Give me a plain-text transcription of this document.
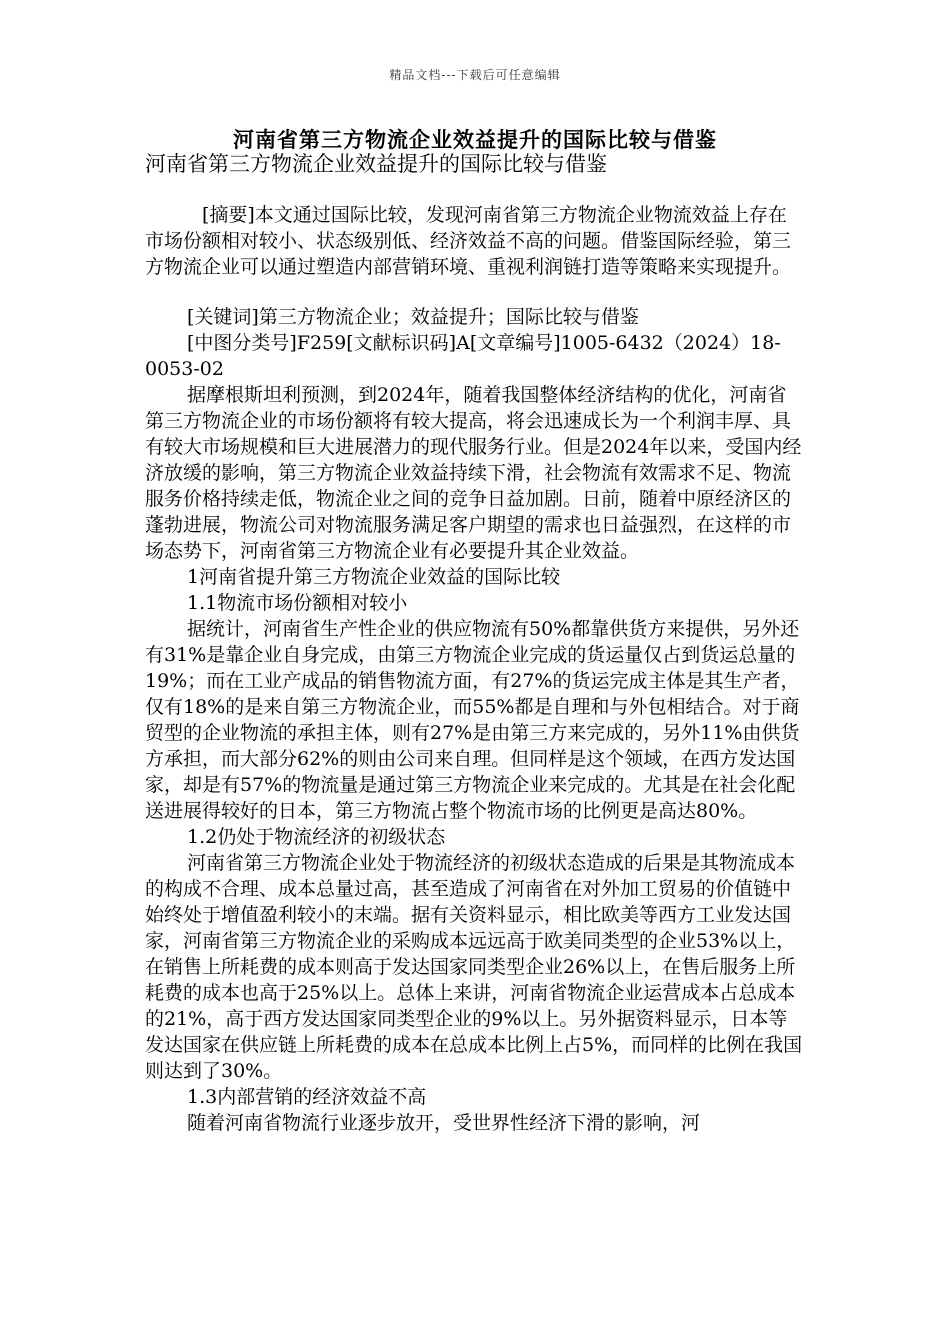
精品文档---下载后可任意编辑
河南省第三方物流企业效益提升的国际比较与借鉴

河南省第三方物流企业效益提升的国际比较与借鉴

[摘要]本文通过国际比较，发现河南省第三方物流企业物流效益上存在市场份额相对较小、状态级别低、经济效益不高的问题。借鉴国际经验，第三方物流企业可以通过塑造内部营销环境、重视利润链打造等策略来实现提升。

[关键词]第三方物流企业；效益提升；国际比较与借鉴

[中图分类号]F259[文献标识码]A[文章编号]1005-6432（2024）18-0053-02

据摩根斯坦利预测，到2024年，随着我国整体经济结构的优化，河南省第三方物流企业的市场份额将有较大提高，将会迅速成长为一个利润丰厚、具有较大市场规模和巨大进展潜力的现代服务行业。但是2024年以来，受国内经济放缓的影响，第三方物流企业效益持续下滑，社会物流有效需求不足、物流服务价格持续走低，物流企业之间的竞争日益加剧。日前，随着中原经济区的蓬勃进展，物流公司对物流服务满足客户期望的需求也日益强烈，在这样的市场态势下，河南省第三方物流企业有必要提升其企业效益。

1河南省提升第三方物流企业效益的国际比较

1.1物流市场份额相对较小

据统计，河南省生产性企业的供应物流有50%都靠供货方来提供，另外还有31%是靠企业自身完成，由第三方物流企业完成的货运量仅占到货运总量的19%；而在工业产成品的销售物流方面，有27%的货运完成主体是其生产者，仅有18%的是来自第三方物流企业，而55%都是自理和与外包相结合。对于商贸型的企业物流的承担主体，则有27%是由第三方来完成的，另外11%由供货方承担，而大部分62%的则由公司来自理。但同样是这个领域，在西方发达国家，却是有57%的物流量是通过第三方物流企业来完成的。尤其是在社会化配送进展得较好的日本，第三方物流占整个物流市场的比例更是高达80%。

1.2仍处于物流经济的初级状态

河南省第三方物流企业处于物流经济的初级状态造成的后果是其物流成本的构成不合理、成本总量过高，甚至造成了河南省在对外加工贸易的价值链中始终处于增值盈利较小的末端。据有关资料显示，相比欧美等西方工业发达国家，河南省第三方物流企业的采购成本远远高于欧美同类型的企业53%以上，在销售上所耗费的成本则高于发达国家同类型企业26%以上，在售后服务上所耗费的成本也高于25%以上。总体上来讲，河南省物流企业运营成本占总成本的21%，高于西方发达国家同类型企业的9%以上。另外据资料显示，日本等发达国家在供应链上所耗费的成本在总成本比例上占5%，而同样的比例在我国则达到了30%。

1.3内部营销的经济效益不高

随着河南省物流行业逐步放开，受世界性经济下滑的影响，河
